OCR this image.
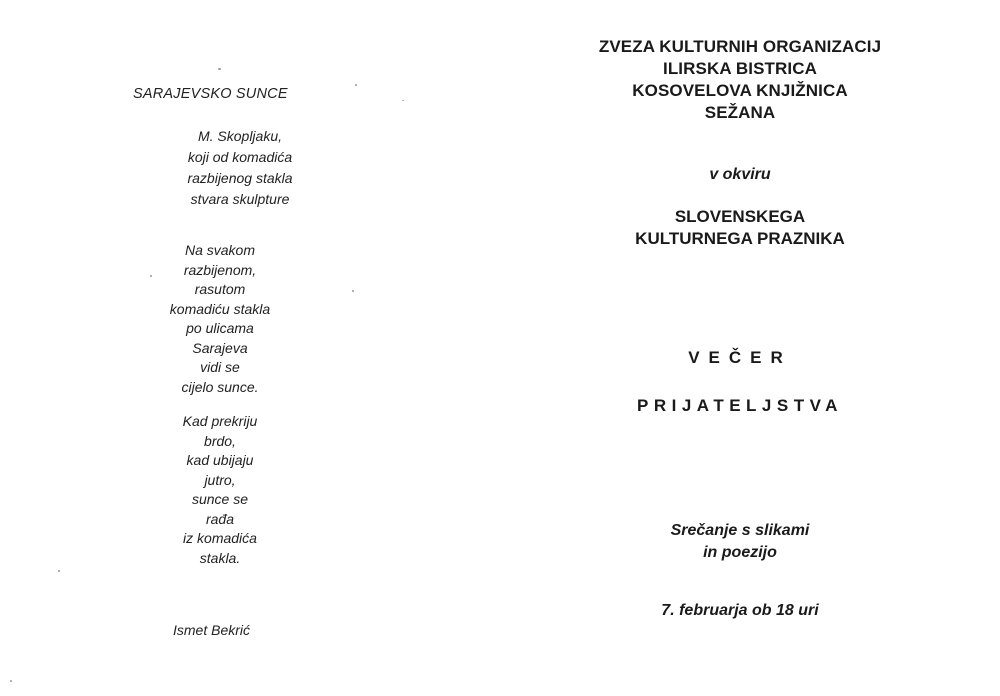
SARAJEVSKO SUNCE
M. Skopljaku,
koji od komadića
razbijenog stakla
stvara skulpture
Na svakom
razbijenom,
rasutom
komadiću stakla
po ulicama
Sarajeva
vidi se
cijelo sunce.
Kad prekriju
brdo,
kad ubijaju
jutro,
sunce se
rađa
iz komadića
stakla.
Ismet Bekrić
ZVEZA KULTURNIH ORGANIZACIJ
ILIRSKA BISTRICA
KOSOVELOVA KNJIŽNICA
SEŽANA
v okviru
SLOVENSKEGA
KULTURNEGA PRAZNIKA
VEČER
PRIJATELJSTVA
Srečanje s slikami
in poezijo
7. februarja ob 18 uri
